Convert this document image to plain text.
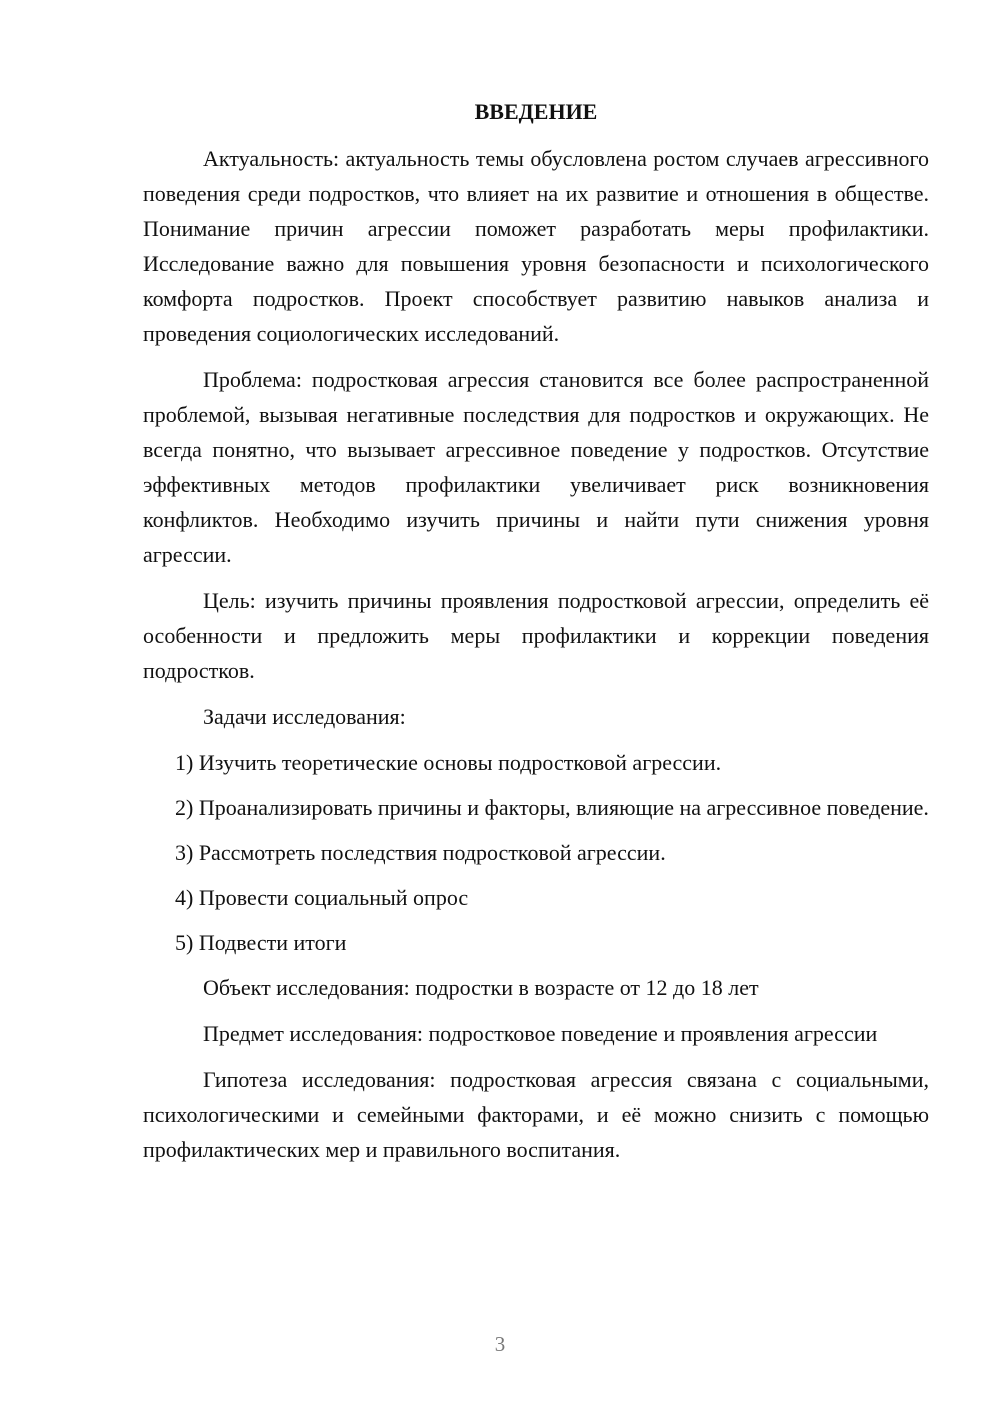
ВВЕДЕНИЕ

Актуальность: актуальность темы обусловлена ростом случаев агрессивного поведения среди подростков, что влияет на их развитие и отношения в обществе. Понимание причин агрессии поможет разработать меры профилактики. Исследование важно для повышения уровня безопасности и психологического комфорта подростков. Проект способствует развитию навыков анализа и проведения социологических исследований.

Проблема: подростковая агрессия становится все более распространенной проблемой, вызывая негативные последствия для подростков и окружающих. Не всегда понятно, что вызывает агрессивное поведение у подростков. Отсутствие эффективных методов профилактики увеличивает риск возникновения конфликтов. Необходимо изучить причины и найти пути снижения уровня агрессии.

Цель: изучить причины проявления подростковой агрессии, определить её особенности и предложить меры профилактики и коррекции поведения подростков.

Задачи исследования:

1) Изучить теоретические основы подростковой агрессии.

2) Проанализировать причины и факторы, влияющие на агрессивное поведение.

3) Рассмотреть последствия подростковой агрессии.

4) Провести социальный опрос

5) Подвести итоги

Объект исследования: подростки в возрасте от 12 до 18 лет

Предмет исследования: подростковое поведение и проявления агрессии

Гипотеза исследования: подростковая агрессия связана с социальными, психологическими и семейными факторами, и её можно снизить с помощью профилактических мер и правильного воспитания.

3
